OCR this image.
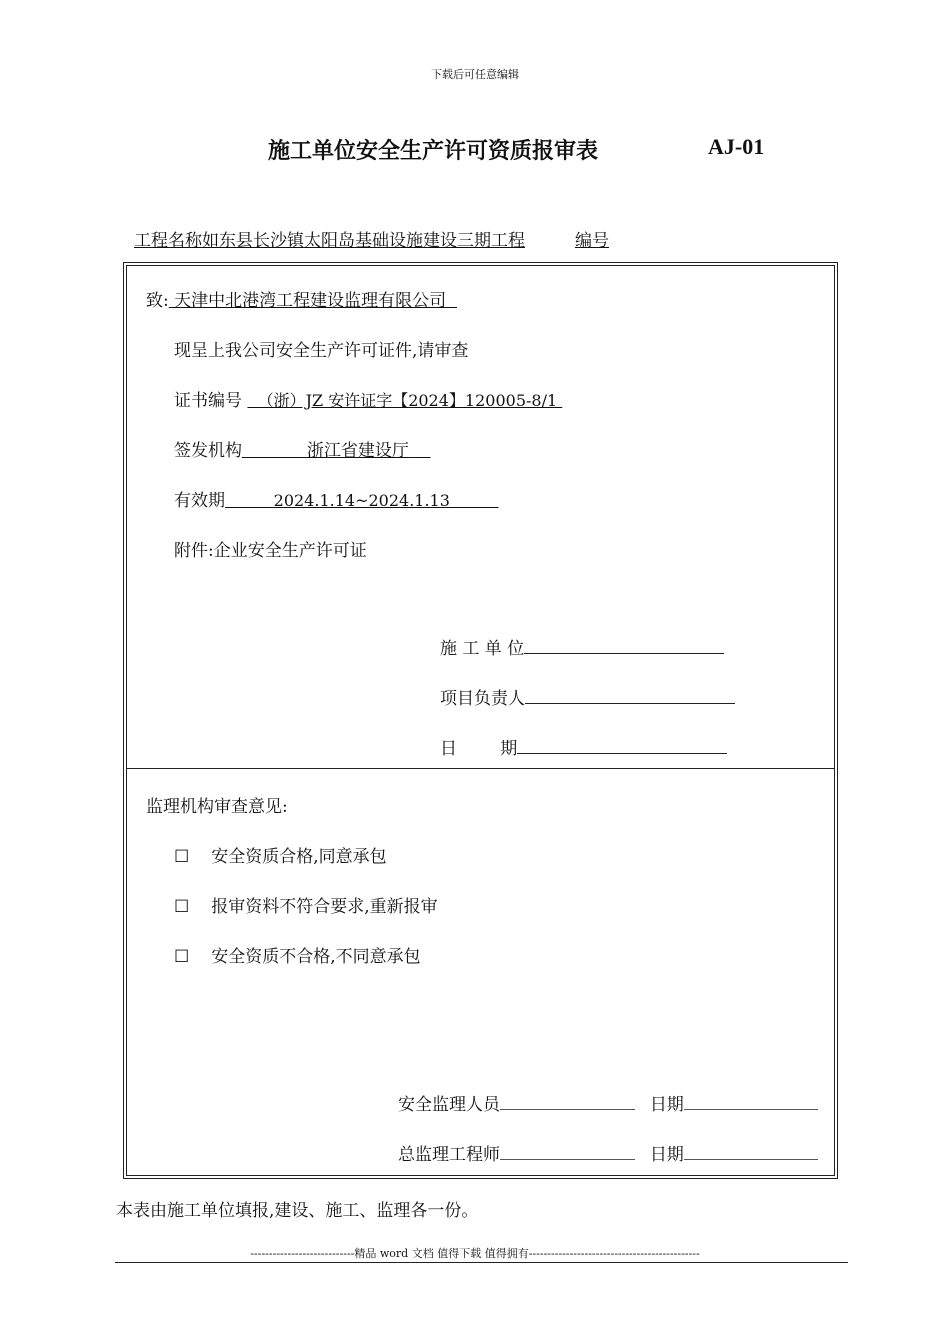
下载后可任意编辑
施工单位安全生产许可资质报审表	AJ-01
工程名称如东县长沙镇太阳岛基础设施建设三期工程	编号
致: 天津中北港湾工程建设监理有限公司
现呈上我公司安全生产许可证件,请审查
证书编号   （浙）JZ 安许证字【2024】120005-8/1
签发机构	浙江省建设厅
有效期	2024.1.14~2024.1.13
附件:企业安全生产许可证
施 工 单 位
项目负责人
日        期
监理机构审查意见:
☐ 安全资质合格,同意承包
☐ 报审资料不符合要求,重新报审
☐ 安全资质不合格,不同意承包
安全监理人员	日期
总监理工程师	日期
本表由施工单位填报,建设、施工、监理各一份。
----------------------------精品 word 文档 值得下载 值得拥有----------------------------------------------
